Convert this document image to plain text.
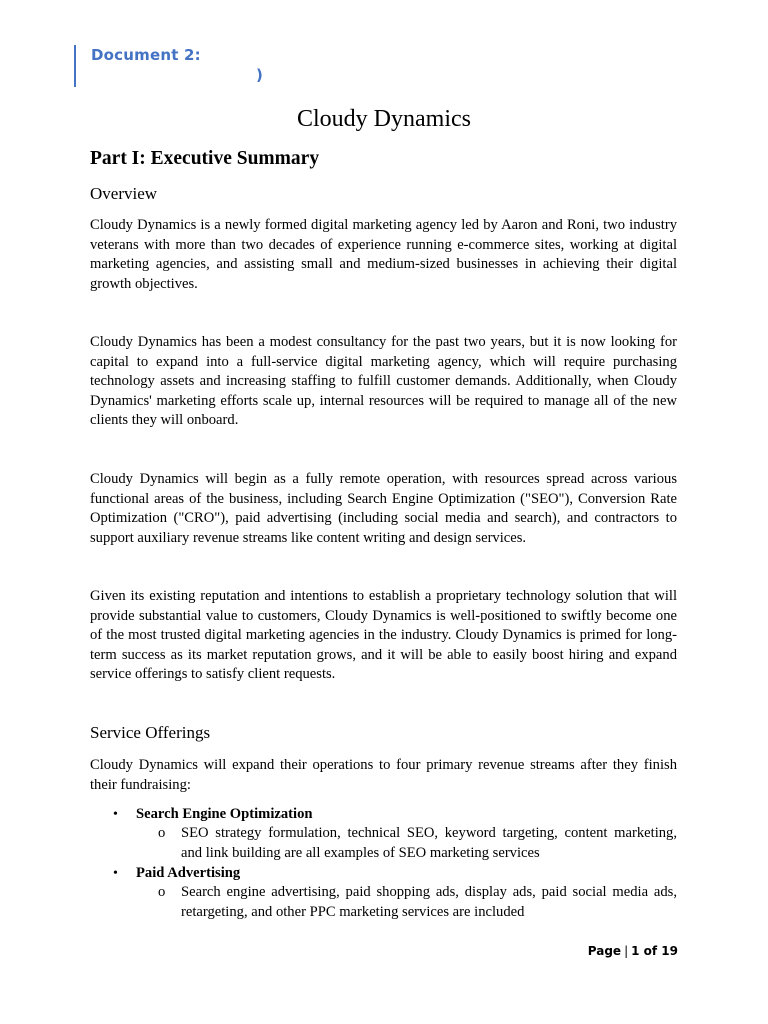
Document 2:
)
Cloudy Dynamics
Part I: Executive Summary
Overview

Cloudy Dynamics is a newly formed digital marketing agency led by Aaron and Roni, two industry veterans with more than two decades of experience running e-commerce sites, working at digital marketing agencies, and assisting small and medium-sized businesses in achieving their digital growth objectives.

Cloudy Dynamics has been a modest consultancy for the past two years, but it is now looking for capital to expand into a full-service digital marketing agency, which will require purchasing technology assets and increasing staffing to fulfill customer demands. Additionally, when Cloudy Dynamics' marketing efforts scale up, internal resources will be required to manage all of the new clients they will onboard.

Cloudy Dynamics will begin as a fully remote operation, with resources spread across various functional areas of the business, including Search Engine Optimization ("SEO"), Conversion Rate Optimization ("CRO"), paid advertising (including social media and search), and contractors to support auxiliary revenue streams like content writing and design services.

Given its existing reputation and intentions to establish a proprietary technology solution that will provide substantial value to customers, Cloudy Dynamics is well-positioned to swiftly become one of the most trusted digital marketing agencies in the industry. Cloudy Dynamics is primed for long-term success as its market reputation grows, and it will be able to easily boost hiring and expand service offerings to satisfy client requests.

Service Offerings

Cloudy Dynamics will expand their operations to four primary revenue streams after they finish their fundraising:

• Search Engine Optimization
o SEO strategy formulation, technical SEO, keyword targeting, content marketing, and link building are all examples of SEO marketing services
• Paid Advertising
o Search engine advertising, paid shopping ads, display ads, paid social media ads, retargeting, and other PPC marketing services are included
Page | 1 of 19
